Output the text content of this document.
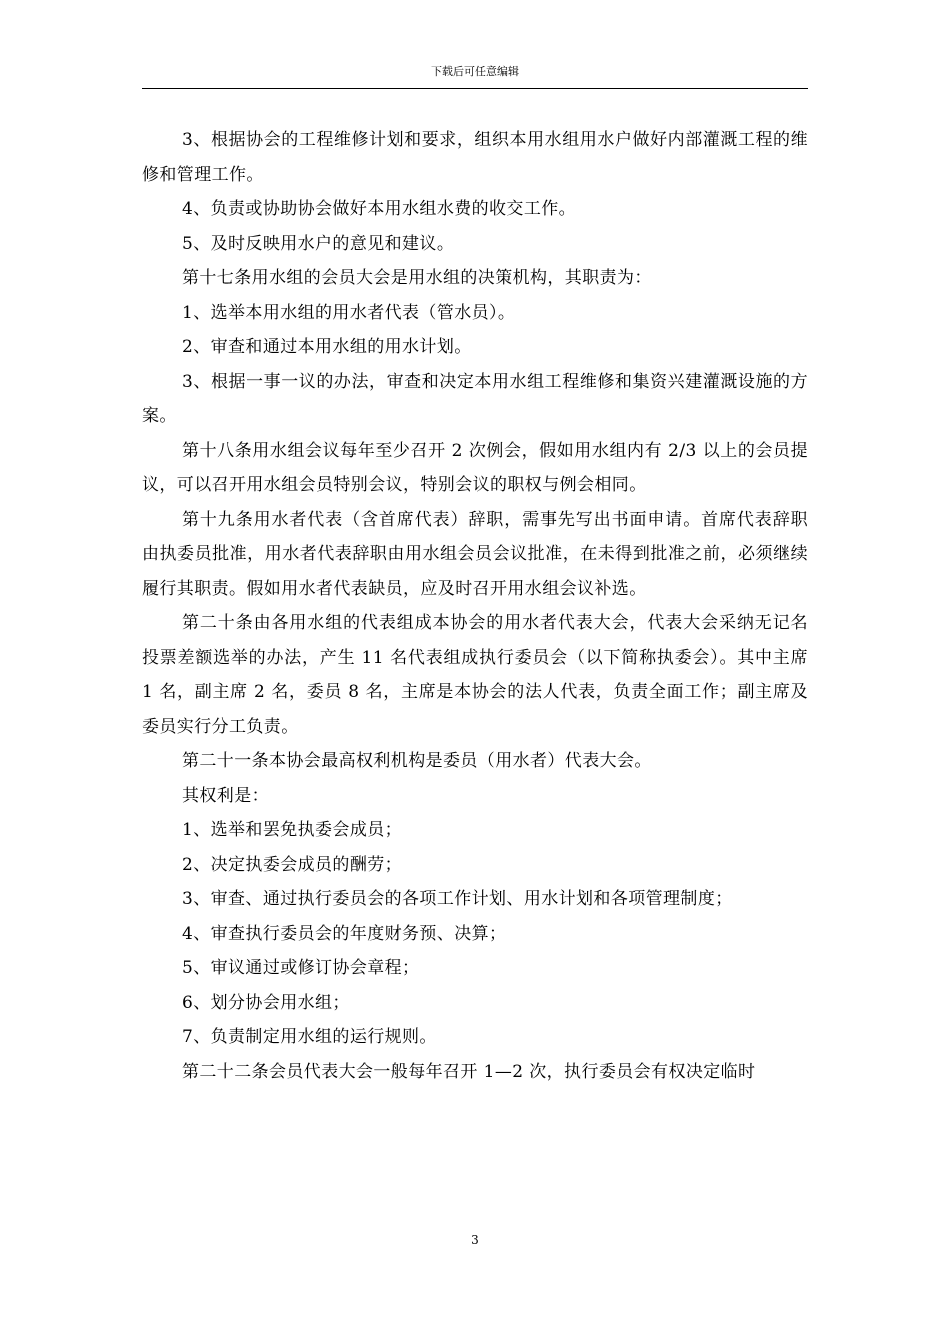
下载后可任意编辑

3、根据协会的工程维修计划和要求，组织本用水组用水户做好内部灌溉工程的维修和管理工作。

4、负责或协助协会做好本用水组水费的收交工作。

5、及时反映用水户的意见和建议。

第十七条用水组的会员大会是用水组的决策机构，其职责为：

1、选举本用水组的用水者代表（管水员）。

2、审查和通过本用水组的用水计划。

3、根据一事一议的办法，审查和决定本用水组工程维修和集资兴建灌溉设施的方案。

第十八条用水组会议每年至少召开 2 次例会，假如用水组内有 2/3 以上的会员提议，可以召开用水组会员特别会议，特别会议的职权与例会相同。

第十九条用水者代表（含首席代表）辞职，需事先写出书面申请。首席代表辞职由执委员批准，用水者代表辞职由用水组会员会议批准，在未得到批准之前，必须继续履行其职责。假如用水者代表缺员，应及时召开用水组会议补选。

第二十条由各用水组的代表组成本协会的用水者代表大会，代表大会采纳无记名投票差额选举的办法，产生 11 名代表组成执行委员会（以下简称执委会）。其中主席 1 名，副主席 2 名，委员 8 名，主席是本协会的法人代表，负责全面工作；副主席及委员实行分工负责。

第二十一条本协会最高权利机构是委员（用水者）代表大会。

其权利是：

1、选举和罢免执委会成员；

2、决定执委会成员的酬劳；

3、审查、通过执行委员会的各项工作计划、用水计划和各项管理制度；

4、审查执行委员会的年度财务预、决算；

5、审议通过或修订协会章程；

6、划分协会用水组；

7、负责制定用水组的运行规则。

第二十二条会员代表大会一般每年召开 1—2 次，执行委员会有权决定临时

3
